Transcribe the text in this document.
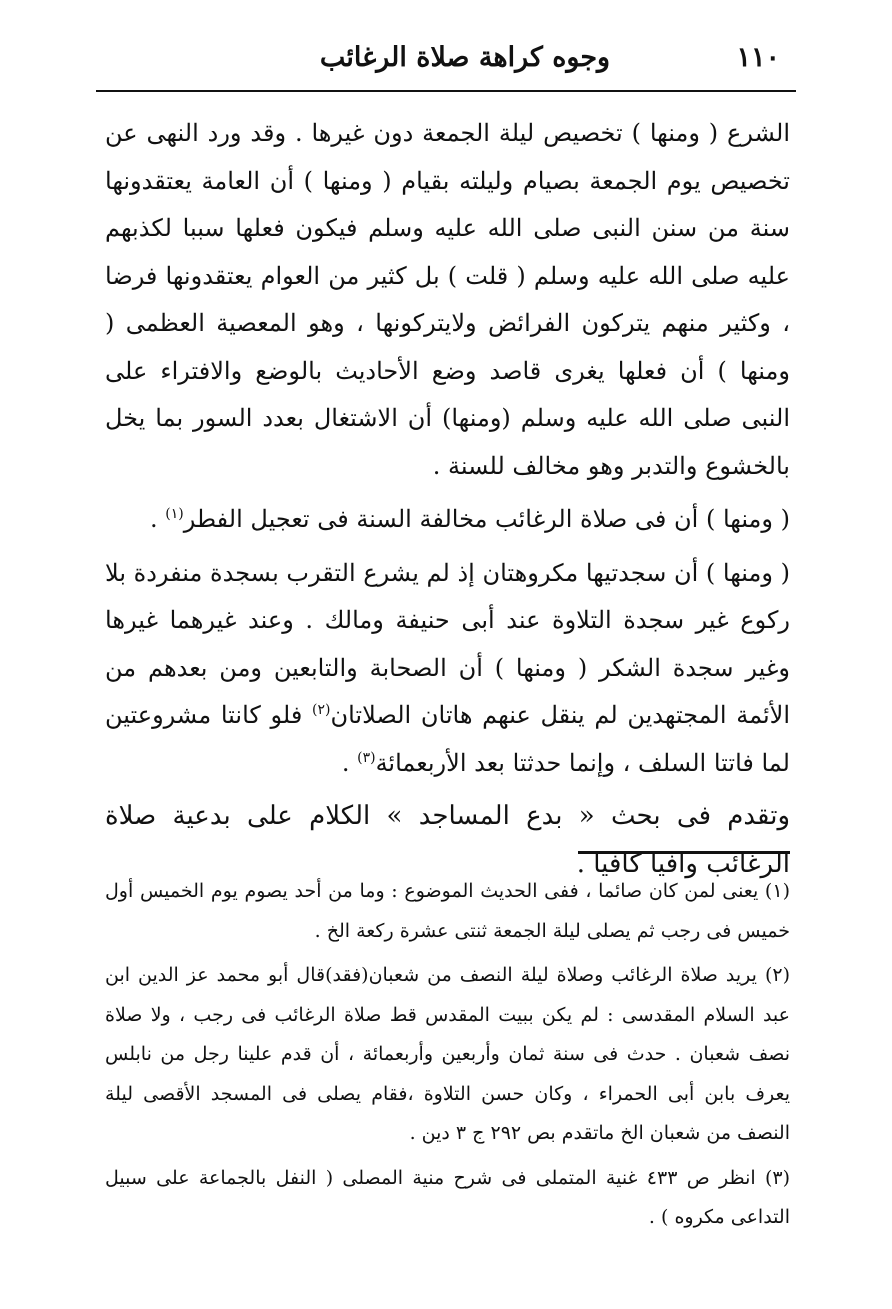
١١٠
وجوه كراهة صلاة الرغائب

الشرع ( ومنها ) تخصيص ليلة الجمعة دون غيرها . وقد ورد النهى عن تخصيص يوم الجمعة بصيام وليلته بقيام ( ومنها ) أن العامة يعتقدونها سنة من سنن النبى صلى الله عليه وسلم فيكون فعلها سببا لكذبهم عليه صلى الله عليه وسلم ( قلت ) بل كثير من العوام يعتقدونها فرضا ، وكثير منهم يتركون الفرائض ولايتركونها ، وهو المعصية العظمى ( ومنها ) أن فعلها يغرى قاصد وضع الأحاديث بالوضع والافتراء على النبى صلى الله عليه وسلم (ومنها) أن الاشتغال بعدد السور بما يخل بالخشوع والتدبر وهو مخالف للسنة .

( ومنها ) أن فى صلاة الرغائب مخالفة السنة فى تعجيل الفطر$^{(١)}$ .

( ومنها ) أن سجدتيها مكروهتان إذ لم يشرع التقرب بسجدة منفردة بلا ركوع غير سجدة التلاوة عند أبى حنيفة ومالك . وعند غيرهما غيرها وغير سجدة الشكر ( ومنها ) أن الصحابة والتابعين ومن بعدهم من الأئمة المجتهدين لم ينقل عنهم هاتان الصلاتان$^{(٢)}$ فلو كانتا مشروعتين لما فاتتا السلف ، وإنما حدثتا بعد الأربعمائة$^{(٣)}$ .

وتقدم فى بحث « بدع المساجد » الكلام على بدعية صلاة الرغائب وافيا كافيا .

(١) يعنى لمن كان صائما ، ففى الحديث الموضوع : وما من أحد يصوم يوم الخميس أول خميس فى رجب ثم يصلى ليلة الجمعة ثنتى عشرة ركعة الخ .

(٢) يريد صلاة الرغائب وصلاة ليلة النصف من شعبان(فقد)قال أبو محمد عز الدين ابن عبد السلام المقدسى : لم يكن ببيت المقدس قط صلاة الرغائب فى رجب ، ولا صلاة نصف شعبان . حدث فى سنة ثمان وأربعين وأربعمائة ، أن قدم علينا رجل من نابلس يعرف بابن أبى الحمراء ، وكان حسن التلاوة ،فقام يصلى فى المسجد الأقصى ليلة النصف من شعبان الخ ماتقدم بص ٢٩٢ ج ٣ دين .

(٣) انظر ص ٤٣٣ غنية المتملى فى شرح منية المصلى ( النفل بالجماعة على سبيل التداعى مكروه ) .
